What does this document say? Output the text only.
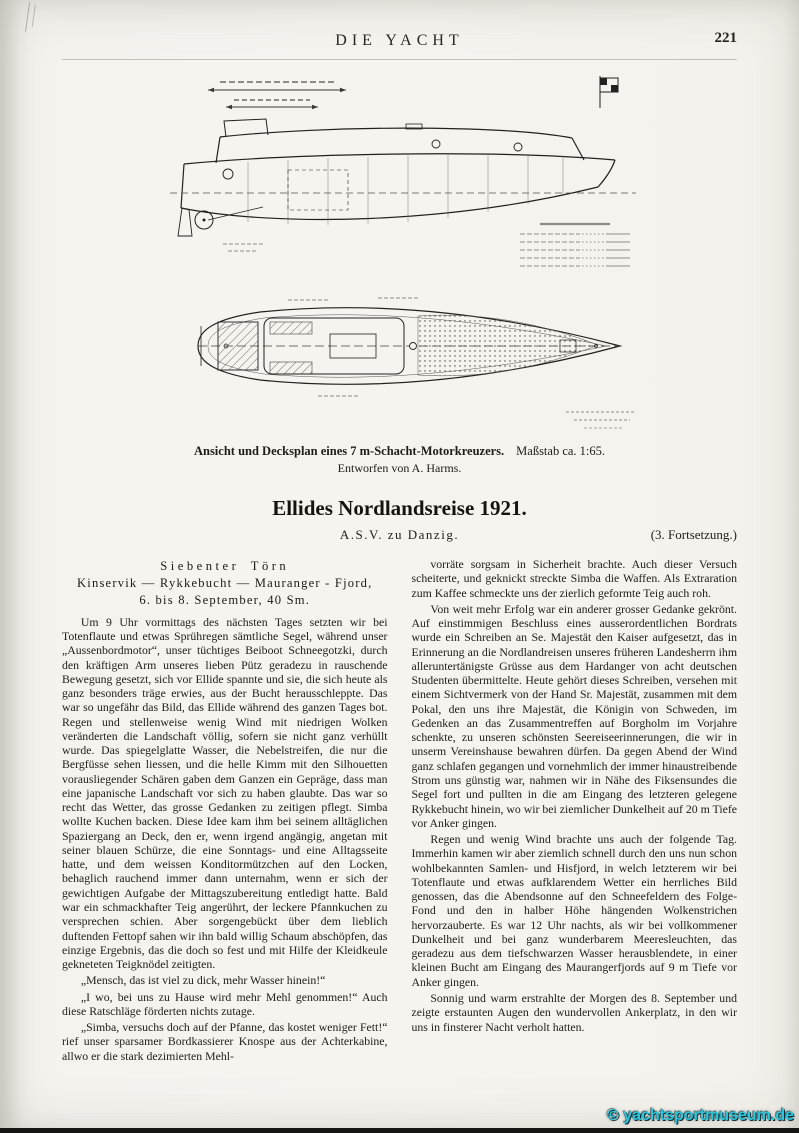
DIE YACHT	221
Ansicht und Decksplan eines 7 m-Schacht-Motorkreuzers. Maßstab ca. 1:65.
Entworfen von A. Harms.
Ellides Nordlandsreise 1921.
A.S.V. zu Danzig.	(3. Fortsetzung.)
Siebenter Törn
Kinservik — Rykkebucht — Mauranger - Fjord,
6. bis 8. September, 40 Sm.

Um 9 Uhr vormittags des nächsten Tages setzten wir bei Totenflaute und etwas Sprühregen sämtliche Segel, während unser „Aussenbordmotor“, unser tüchtiges Beiboot Schneegotzki, durch den kräftigen Arm unseres lieben Pütz geradezu in rauschende Bewegung gesetzt, sich vor Ellide spannte und sie, die sich heute als ganz besonders träge erwies, aus der Bucht herausschleppte. Das war so ungefähr das Bild, das Ellide während des ganzen Tages bot. Regen und stellenweise wenig Wind mit niedrigen Wolken veränderten die Landschaft völlig, sofern sie nicht ganz verhüllt wurde. Das spiegelglatte Wasser, die Nebelstreifen, die nur die Bergfüsse sehen liessen, und die helle Kimm mit den Silhouetten vorausliegender Schären gaben dem Ganzen ein Gepräge, dass man eine japanische Landschaft vor sich zu haben glaubte. Das war so recht das Wetter, das grosse Gedanken zu zeitigen pflegt. Simba wollte Kuchen backen. Diese Idee kam ihm bei seinem alltäglichen Spaziergang an Deck, den er, wenn irgend angängig, angetan mit seiner blauen Schürze, die eine Sonntags- und eine Alltagsseite hatte, und dem weissen Konditormützchen auf den Locken, behaglich rauchend immer dann unternahm, wenn er sich der gewichtigen Aufgabe der Mittagszubereitung entledigt hatte. Bald war ein schmackhafter Teig angerührt, der leckere Pfannkuchen zu versprechen schien. Aber sorgengebückt über dem lieblich duftenden Fettopf sahen wir ihn bald willig Schaum abschöpfen, das einzige Ergebnis, das die doch so fest und mit Hilfe der Kleidkeule gekneteten Teigknödel zeitigten.

„Mensch, das ist viel zu dick, mehr Wasser hinein!“

„I wo, bei uns zu Hause wird mehr Mehl genommen!“ Auch diese Ratschläge förderten nichts zutage.

„Simba, versuchs doch auf der Pfanne, das kostet weniger Fett!“ rief unser sparsamer Bordkassierer Knospe aus der Achterkabine, allwo er die stark dezimierten Mehl-

vorräte sorgsam in Sicherheit brachte. Auch dieser Versuch scheiterte, und geknickt streckte Simba die Waffen. Als Extraration zum Kaffee schmeckte uns der zierlich geformte Teig auch roh.

Von weit mehr Erfolg war ein anderer grosser Gedanke gekrönt. Auf einstimmigen Beschluss eines ausserordentlichen Bordrats wurde ein Schreiben an Se. Majestät den Kaiser aufgesetzt, das in Erinnerung an die Nordlandreisen unseres früheren Landesherrn ihm alleruntertänigste Grüsse aus dem Hardanger von acht deutschen Studenten übermittelte. Heute gehört dieses Schreiben, versehen mit einem Sichtvermerk von der Hand Sr. Majestät, zusammen mit dem Pokal, den uns ihre Majestät, die Königin von Schweden, im Gedenken an das Zusammentreffen auf Borgholm im Vorjahre schenkte, zu unseren schönsten Seereiseerinnerungen, die wir in unserm Vereinshause bewahren dürfen. Da gegen Abend der Wind ganz schlafen gegangen und vornehmlich der immer hinaustreibende Strom uns günstig war, nahmen wir in Nähe des Fiksensundes die Segel fort und pullten in die am Eingang des letzteren gelegene Rykkebucht hinein, wo wir bei ziemlicher Dunkelheit auf 20 m Tiefe vor Anker gingen.

Regen und wenig Wind brachte uns auch der folgende Tag. Immerhin kamen wir aber ziemlich schnell durch den uns nun schon wohlbekannten Samlen- und Hisfjord, in welch letzterem wir bei Totenflaute und etwas aufklarendem Wetter ein herrliches Bild genossen, das die Abendsonne auf den Schneefeldern des Folge-Fond und den in halber Höhe hängenden Wolkenstrichen hervorzauberte. Es war 12 Uhr nachts, als wir bei vollkommener Dunkelheit und bei ganz wunderbarem Meeresleuchten, das geradezu aus dem tiefschwarzen Wasser herausblendete, in einer kleinen Bucht am Eingang des Maurangerfjords auf 9 m Tiefe vor Anker gingen.

Sonnig und warm erstrahlte der Morgen des 8. September und zeigte erstaunten Augen den wundervollen Ankerplatz, in den wir uns in finsterer Nacht verholt hatten.

© yachtsportmuseum.de
